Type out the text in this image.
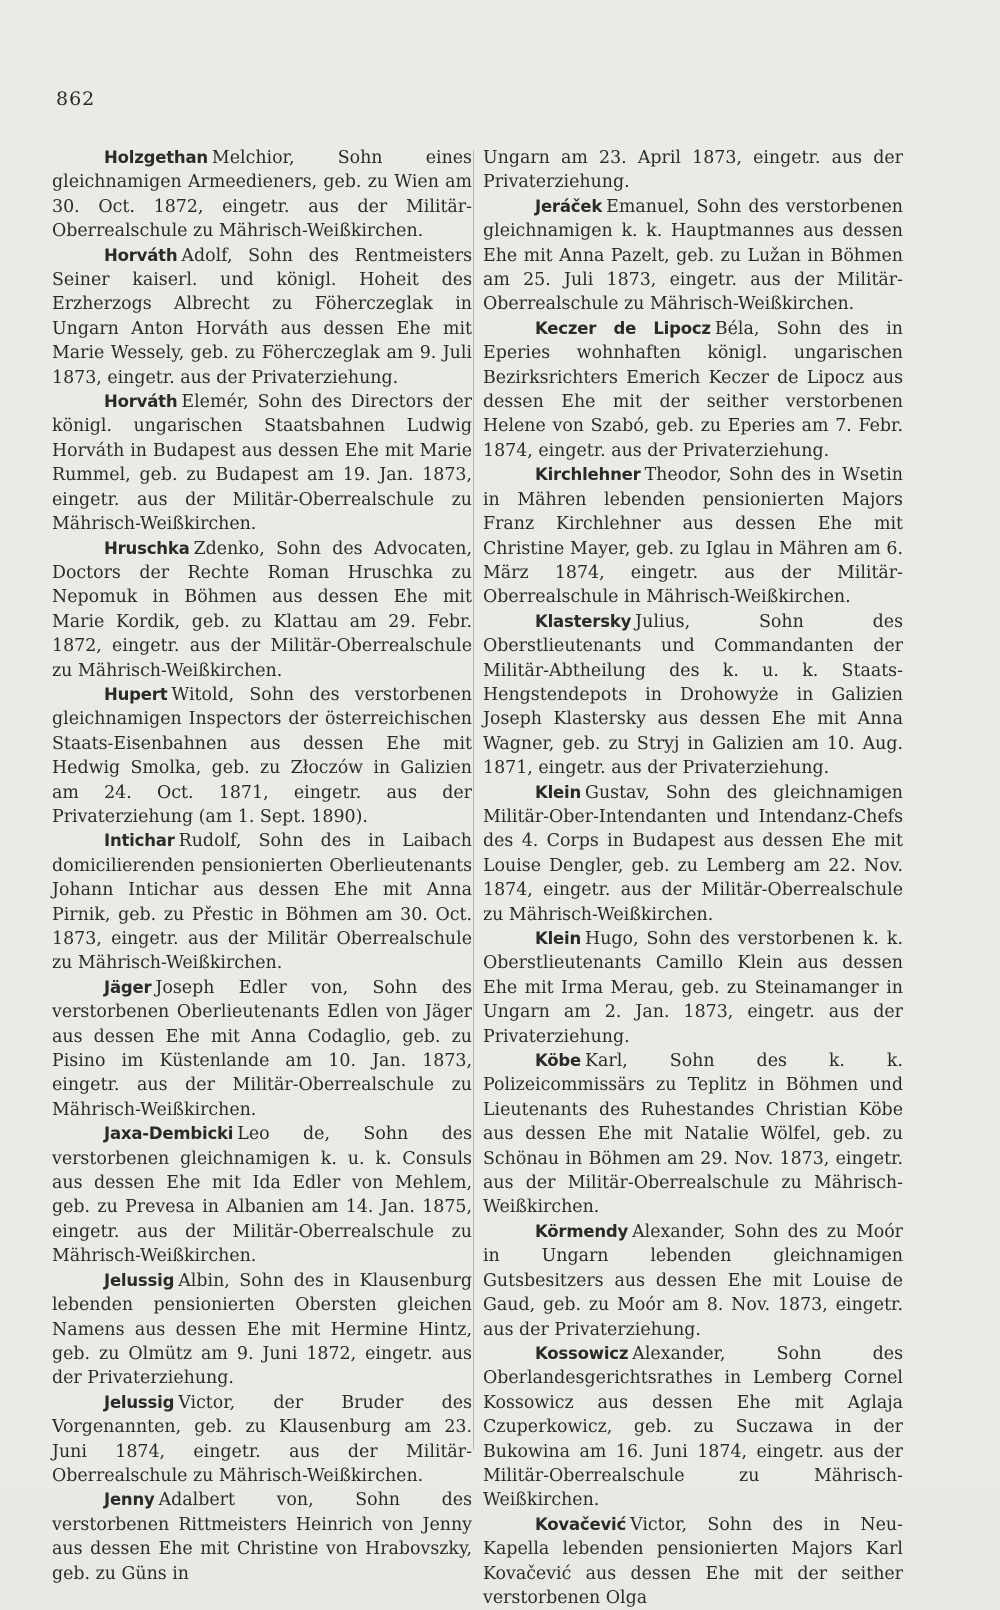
862

Holzgethan Melchior, Sohn eines gleichnamigen Armeedieners, geb. zu Wien am 30. Oct. 1872, eingetr. aus der Militär-Oberrealschule zu Mährisch-Weißkirchen.

Horváth Adolf, Sohn des Rentmeisters Seiner kaiserl. und königl. Hoheit des Erzherzogs Albrecht zu Föherczeglak in Ungarn Anton Horváth aus dessen Ehe mit Marie Wessely, geb. zu Föherczeglak am 9. Juli 1873, eingetr. aus der Privaterziehung.

Horváth Elemér, Sohn des Directors der königl. ungarischen Staatsbahnen Ludwig Horváth in Budapest aus dessen Ehe mit Marie Rummel, geb. zu Budapest am 19. Jan. 1873, eingetr. aus der Militär-Oberrealschule zu Mährisch-Weißkirchen.

Hruschka Zdenko, Sohn des Advocaten, Doctors der Rechte Roman Hruschka zu Nepomuk in Böhmen aus dessen Ehe mit Marie Kordik, geb. zu Klattau am 29. Febr. 1872, eingetr. aus der Militär-Oberrealschule zu Mährisch-Weißkirchen.

Hupert Witold, Sohn des verstorbenen gleichnamigen Inspectors der österreichischen Staats-Eisenbahnen aus dessen Ehe mit Hedwig Smolka, geb. zu Złoczów in Galizien am 24. Oct. 1871, eingetr. aus der Privaterziehung (am 1. Sept. 1890).

Intichar Rudolf, Sohn des in Laibach domicilierenden pensionierten Oberlieutenants Johann Intichar aus dessen Ehe mit Anna Pirnik, geb. zu Přestic in Böhmen am 30. Oct. 1873, eingetr. aus der Militär Oberrealschule zu Mährisch-Weißkirchen.

Jäger Joseph Edler von, Sohn des verstorbenen Oberlieutenants Edlen von Jäger aus dessen Ehe mit Anna Codaglio, geb. zu Pisino im Küstenlande am 10. Jan. 1873, eingetr. aus der Militär-Oberrealschule zu Mährisch-Weißkirchen.

Jaxa-Dembicki Leo de, Sohn des verstorbenen gleichnamigen k. u. k. Consuls aus dessen Ehe mit Ida Edler von Mehlem, geb. zu Prevesa in Albanien am 14. Jan. 1875, eingetr. aus der Militär-Oberrealschule zu Mährisch-Weißkirchen.

Jelussig Albin, Sohn des in Klausenburg lebenden pensionierten Obersten gleichen Namens aus dessen Ehe mit Hermine Hintz, geb. zu Olmütz am 9. Juni 1872, eingetr. aus der Privaterziehung.

Jelussig Victor, der Bruder des Vorgenannten, geb. zu Klausenburg am 23. Juni 1874, eingetr. aus der Militär-Oberrealschule zu Mährisch-Weißkirchen.

Jenny Adalbert von, Sohn des verstorbenen Rittmeisters Heinrich von Jenny aus dessen Ehe mit Christine von Hrabovszky, geb. zu Güns in

Ungarn am 23. April 1873, eingetr. aus der Privaterziehung.

Jeráček Emanuel, Sohn des verstorbenen gleichnamigen k. k. Hauptmannes aus dessen Ehe mit Anna Pazelt, geb. zu Lužan in Böhmen am 25. Juli 1873, eingetr. aus der Militär-Oberrealschule zu Mährisch-Weißkirchen.

Keczer de Lipocz Béla, Sohn des in Eperies wohnhaften königl. ungarischen Bezirksrichters Emerich Keczer de Lipocz aus dessen Ehe mit der seither verstorbenen Helene von Szabó, geb. zu Eperies am 7. Febr. 1874, eingetr. aus der Privaterziehung.

Kirchlehner Theodor, Sohn des in Wsetin in Mähren lebenden pensionierten Majors Franz Kirchlehner aus dessen Ehe mit Christine Mayer, geb. zu Iglau in Mähren am 6. März 1874, eingetr. aus der Militär-Oberrealschule in Mährisch-Weißkirchen.

Klastersky Julius, Sohn des Oberstlieutenants und Commandanten der Militär-Abtheilung des k. u. k. Staats-Hengstendepots in Drohowyże in Galizien Joseph Klastersky aus dessen Ehe mit Anna Wagner, geb. zu Stryj in Galizien am 10. Aug. 1871, eingetr. aus der Privaterziehung.

Klein Gustav, Sohn des gleichnamigen Militär-Ober-Intendanten und Intendanz-Chefs des 4. Corps in Budapest aus dessen Ehe mit Louise Dengler, geb. zu Lemberg am 22. Nov. 1874, eingetr. aus der Militär-Oberrealschule zu Mährisch-Weißkirchen.

Klein Hugo, Sohn des verstorbenen k. k. Oberstlieutenants Camillo Klein aus dessen Ehe mit Irma Merau, geb. zu Steinamanger in Ungarn am 2. Jan. 1873, eingetr. aus der Privaterziehung.

Köbe Karl, Sohn des k. k. Polizeicommissärs zu Teplitz in Böhmen und Lieutenants des Ruhestandes Christian Köbe aus dessen Ehe mit Natalie Wölfel, geb. zu Schönau in Böhmen am 29. Nov. 1873, eingetr. aus der Militär-Oberrealschule zu Mährisch-Weißkirchen.

Körmendy Alexander, Sohn des zu Moór in Ungarn lebenden gleichnamigen Gutsbesitzers aus dessen Ehe mit Louise de Gaud, geb. zu Moór am 8. Nov. 1873, eingetr. aus der Privaterziehung.

Kossowicz Alexander, Sohn des Oberlandesgerichtsrathes in Lemberg Cornel Kossowicz aus dessen Ehe mit Aglaja Czuperkowicz, geb. zu Suczawa in der Bukowina am 16. Juni 1874, eingetr. aus der Militär-Oberrealschule zu Mährisch-Weißkirchen.

Kovačević Victor, Sohn des in Neu-Kapella lebenden pensionierten Majors Karl Kovačević aus dessen Ehe mit der seither verstorbenen Olga
